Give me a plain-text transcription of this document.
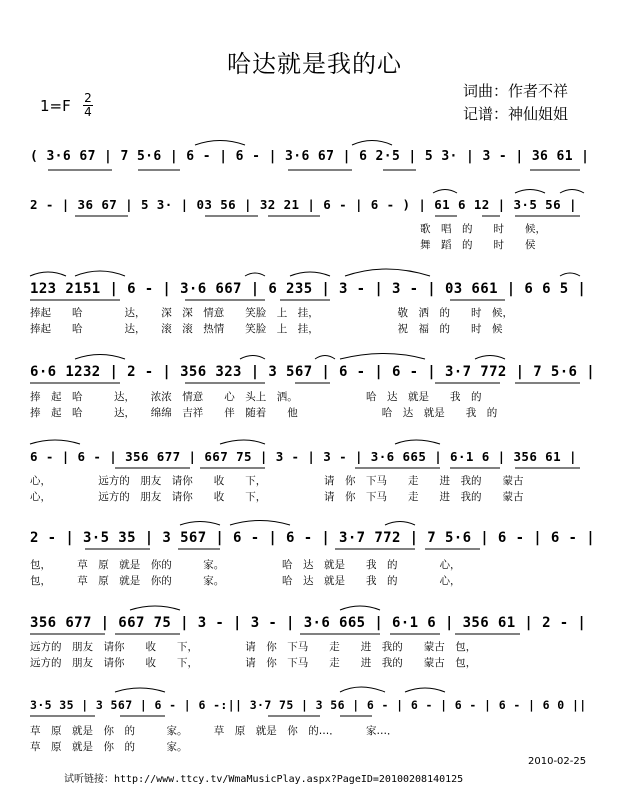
哈达就是我的心
1=F 2
4
词曲：作者不祥
记谱：神仙姐姐
( 3·6 67 | 7 5·6 | 6 - | 6 - | 3·6 67 | 6 2·5 | 5 3· | 3 - | 36 61 |
2 - | 36 67 | 5 3· | 03 56 | 32 21 | 6 - | 6 - ) | 61 6 12 | 3·5 56 |
歌　唱　的　　时　　候，
舞　蹈　的　　时　　侯
123 2151 | 6 - | 3·6 667 | 6 235 | 3 - | 3 - | 03 661 | 6 6 5 |
捧起　　哈　　　　达，　　深　深　情意　　笑脸　上　挂，　　　　　　　　敬　洒　的　　时　候，
捧起　　哈　　　　达，　　滚　滚　热情　　笑脸　上　挂，　　　　　　　　祝　福　的　　时　候
6·6 1232 | 2 - | 356 323 | 3 567 | 6 - | 6 - | 3·7 772 | 7 5·6 |
捧　起　哈　　　达，　　浓浓　情意　　心　头上　洒。　　　　　　　哈　达　就是　　我　的
捧　起　哈　　　达，　　绵绵　吉祥　　伴　随着　　他　　　　　　　　哈　达　就是　　我　的
6 - | 6 - | 356 677 | 667 75 | 3 - | 3 - | 3·6 665 | 6·1 6 | 356 61 |
心，　　　　　远方的　朋友　请你　　收　　下，　　　　　　请　你　下马　　走　　进　我的　　蒙古
心，　　　　　远方的　朋友　请你　　收　　下，　　　　　　请　你　下马　　走　　进　我的　　蒙古
2 - | 3·5 35 | 3 567 | 6 - | 6 - | 3·7 772 | 7 5·6 | 6 - | 6 - |
包，　　　草　原　就是　你的　　　家。　　　　　　哈　达　就是　　我　的　　　　心，
包，　　　草　原　就是　你的　　　家。　　　　　　哈　达　就是　　我　的　　　　心，
356 677 | 667 75 | 3 - | 3 - | 3·6 665 | 6·1 6 | 356 61 | 2 - |
远方的　朋友　请你　　收　　下，　　　　　请　你　下马　　走　　进　我的　　蒙古　包，
远方的　朋友　请你　　收　　下，　　　　　请　你　下马　　走　　进　我的　　蒙古　包，
3·5 35 | 3 567 | 6 - | 6 -:|| 3·7 75 | 3 56 | 6 - | 6 - | 6 - | 6 - | 6 0 ||
草　原　就是　你　的　　　家。　　　草　原　就是　你　的…．　　　家…．
草　原　就是　你　的　　　家。
2010-02-25
试听链接：http://www.ttcy.tv/WmaMusicPlay.aspx?PageID=20100208140125
